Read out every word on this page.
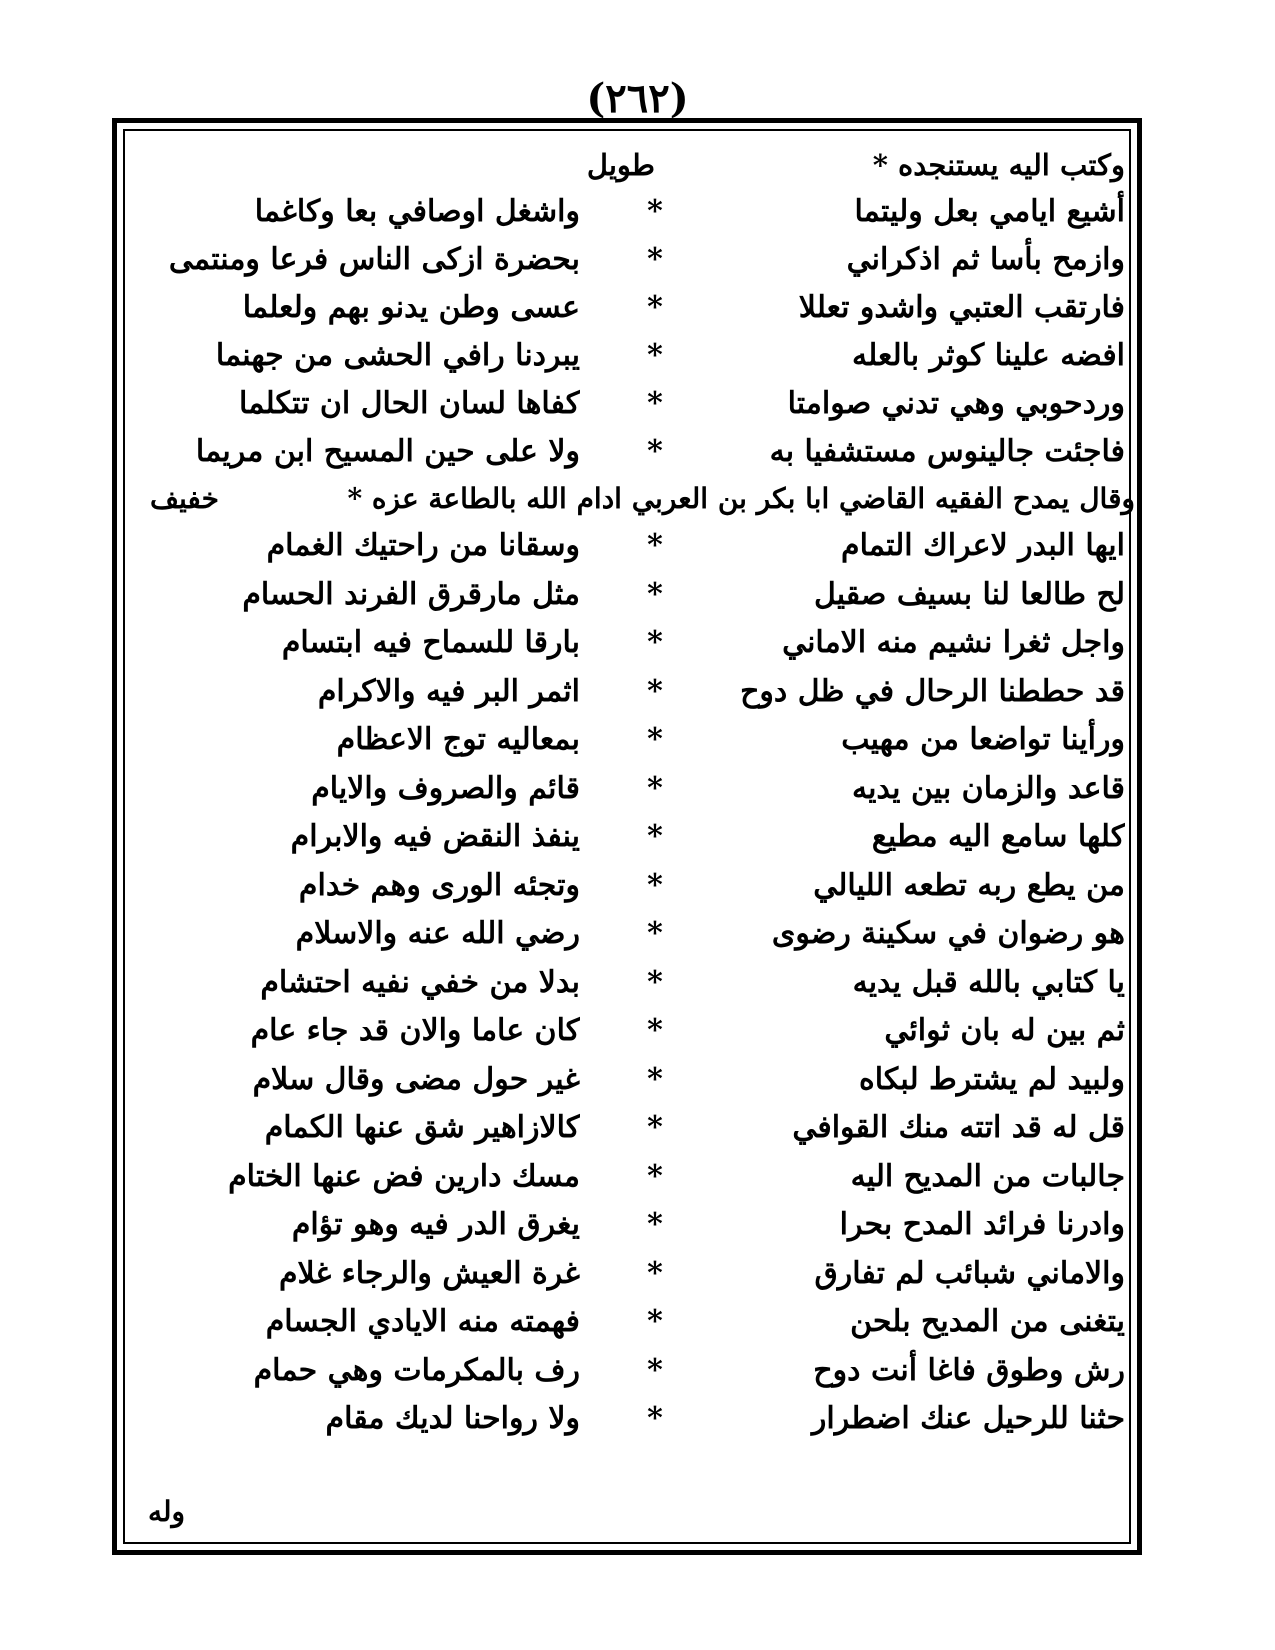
(٢٦٢)
وكتب اليه يستنجده *
طويل
أشيع ايامي بعل وليتما
*
واشغل اوصافي بعا وكاغما
وازمح بأسا ثم اذكراني
*
بحضرة ازكى الناس فرعا ومنتمى
فارتقب العتبي واشدو تعللا
*
عسى وطن يدنو بهم ولعلما
افضه علينا كوثر بالعله
*
يبردنا رافي الحشى من جهنما
وردحوبي وهي تدني صوامتا
*
كفاها لسان الحال ان تتكلما
فاجئت جالينوس مستشفيا به
*
ولا على حين المسيح ابن مريما
وقال يمدح الفقيه القاضي ابا بكر بن العربي ادام الله بالطاعة عزه *
خفيف
ايها البدر لاعراك التمام
*
وسقانا من راحتيك الغمام
لح طالعا لنا بسيف صقيل
*
مثل مارقرق الفرند الحسام
واجل ثغرا نشيم منه الاماني
*
بارقا للسماح فيه ابتسام
قد حططنا الرحال في ظل دوح
*
اثمر البر فيه والاكرام
ورأينا تواضعا من مهيب
*
بمعاليه توج الاعظام
قاعد والزمان بين يديه
*
قائم والصروف والايام
كلها سامع اليه مطيع
*
ينفذ النقض فيه والابرام
من يطع ربه تطعه الليالي
*
وتجئه الورى وهم خدام
هو رضوان في سكينة رضوى
*
رضي الله عنه والاسلام
يا كتابي بالله قبل يديه
*
بدلا من خفي نفيه احتشام
ثم بين له بان ثوائي
*
كان عاما والان قد جاء عام
ولبيد لم يشترط لبكاه
*
غير حول مضى وقال سلام
قل له قد اتته منك القوافي
*
كالازاهير شق عنها الكمام
جالبات من المديح اليه
*
مسك دارين فض عنها الختام
وادرنا فرائد المدح بحرا
*
يغرق الدر فيه وهو تؤام
والاماني شبائب لم تفارق
*
غرة العيش والرجاء غلام
يتغنى من المديح بلحن
*
فهمته منه الايادي الجسام
رش وطوق فاغا أنت دوح
*
رف بالمكرمات وهي حمام
حثنا للرحيل عنك اضطرار
*
ولا رواحنا لديك مقام
وله
